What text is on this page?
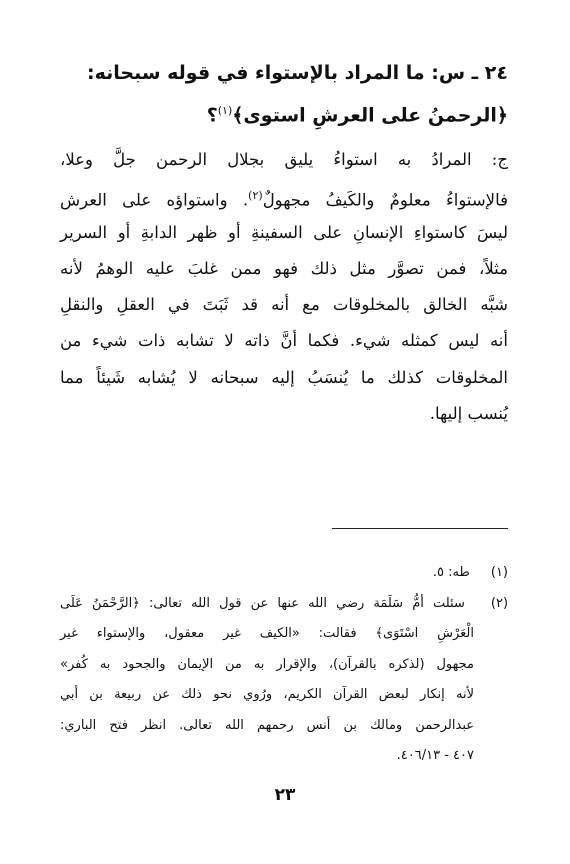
٢٤ ـ س: ما المراد بالإستواء في قوله سبحانه:
﴿الرحمنُ على العرشِ استوى﴾$^{(١)}$؟
ج: المرادُ به استواءُ يليق بجلال الرحمن جلَّ وعلا،
فالإستواءُ معلومٌ والكَيفُ مجهولٌ$^{(٢)}$. واستواؤه على العرش
ليسَ كاستواءِ الإنسانِ على السفينةِ أو ظهر الدابةِ أو السرير
مثلاً، فمن تصوَّر مثل ذلك فهو ممن غلبَ عليه الوهمُ لأنه
شبَّه الخالق بالمخلوقات مع أنه قد ثَبَتَ في العقلِ والنقلِ
أنه ليس كمثله شيء. فكما أنَّ ذاته لا تشابه ذات شيء من
المخلوقات كذلك ما يُنسَبُ إليه سبحانه لا يُشابه شَيئاً مما
يُنسب إليها.
(١) طه: ٥.
(٢) سئلت أمُّ سَلَمَة رضي الله عنها عن قول الله تعالى: ﴿الرَّحْمَنُ عَلَى
الْعَرْشِ اسْتَوَى﴾ فقالت: «الكيف غير معقول، والإستواء غير
مجهول (لذكره بالقرآن)، والإقرار به من الإيمان والجحود به كُفر»
لأنه إنكار لبعض القرآن الكريم، ورُوي نحو ذلك عن ربيعة بن أبي
عبدالرحمن ومالك بن أنس رحمهم الله تعالى. انظر فتح الباري:
٤٠٧ - ٤٠٦/١٣.
٢٣
